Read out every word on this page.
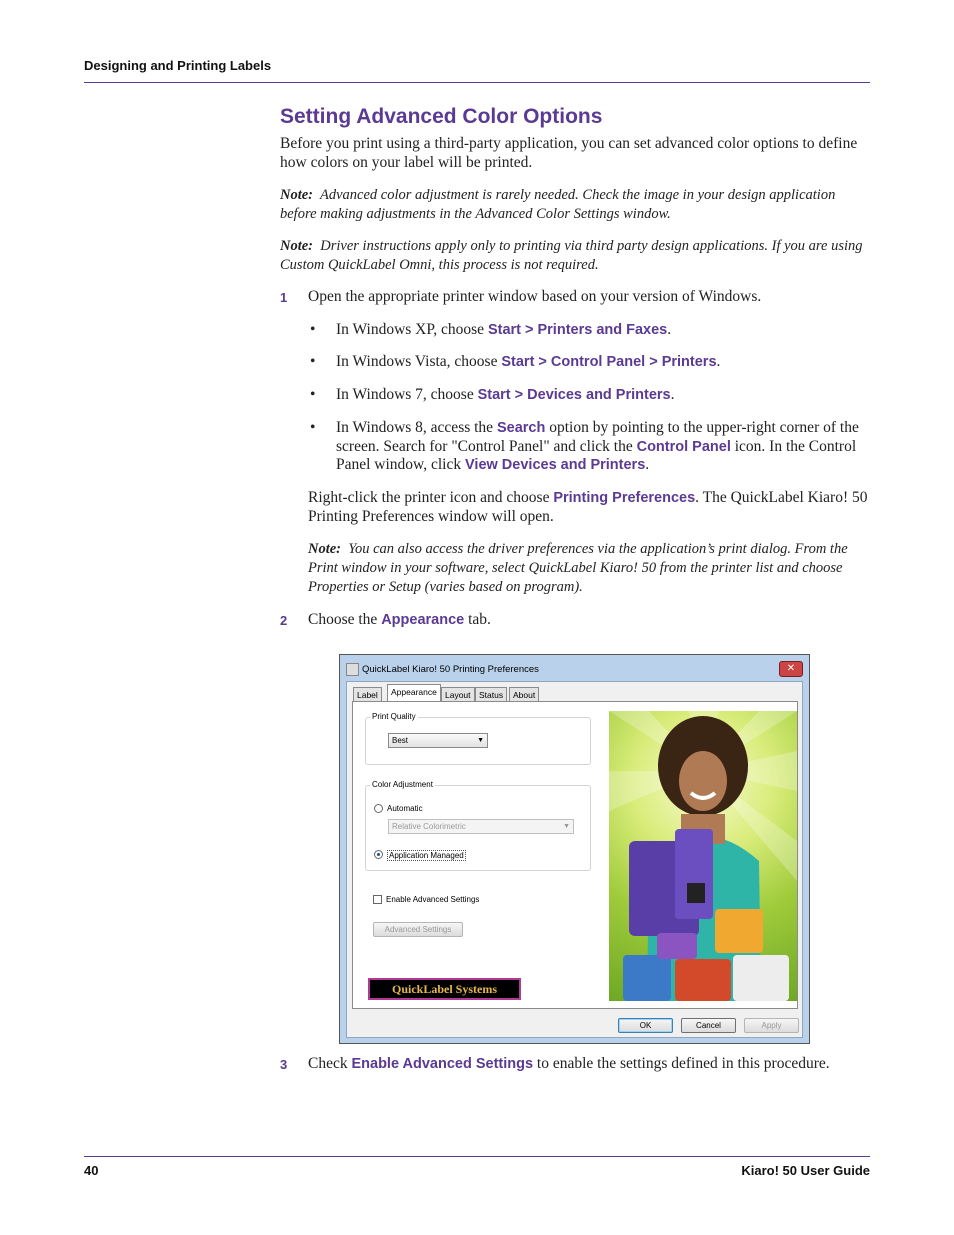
Designing and Printing Labels
Setting Advanced Color Options

Before you print using a third-party application, you can set advanced color options to define how colors on your label will be printed.

Note: Advanced color adjustment is rarely needed. Check the image in your design application before making adjustments in the Advanced Color Settings window.

Note: Driver instructions apply only to printing via third party design applications. If you are using Custom QuickLabel Omni, this process is not required.

1 Open the appropriate printer window based on your version of Windows.

• In Windows XP, choose Start > Printers and Faxes.
• In Windows Vista, choose Start > Control Panel > Printers.
• In Windows 7, choose Start > Devices and Printers.
• In Windows 8, access the Search option by pointing to the upper-right corner of the screen. Search for "Control Panel" and click the Control Panel icon. In the Control Panel window, click View Devices and Printers.

Right-click the printer icon and choose Printing Preferences. The QuickLabel Kiaro! 50 Printing Preferences window will open.

Note: You can also access the driver preferences via the application’s print dialog. From the Print window in your software, select QuickLabel Kiaro! 50 from the printer list and choose Properties or Setup (varies based on program).

2 Choose the Appearance tab.

QuickLabel Kiaro! 50 Printing Preferences	✕
Label	Appearance Layout Status	About
Print Quality
Best	▼
Color Adjustment
Automatic
Relative Colorimetric	▼
Application Managed
Enable Advanced Settings
Advanced Settings
QuickLabel Systems
OK	Cancel	Apply
3 Check Enable Advanced Settings to enable the settings defined in this procedure.

40	Kiaro! 50 User Guide
